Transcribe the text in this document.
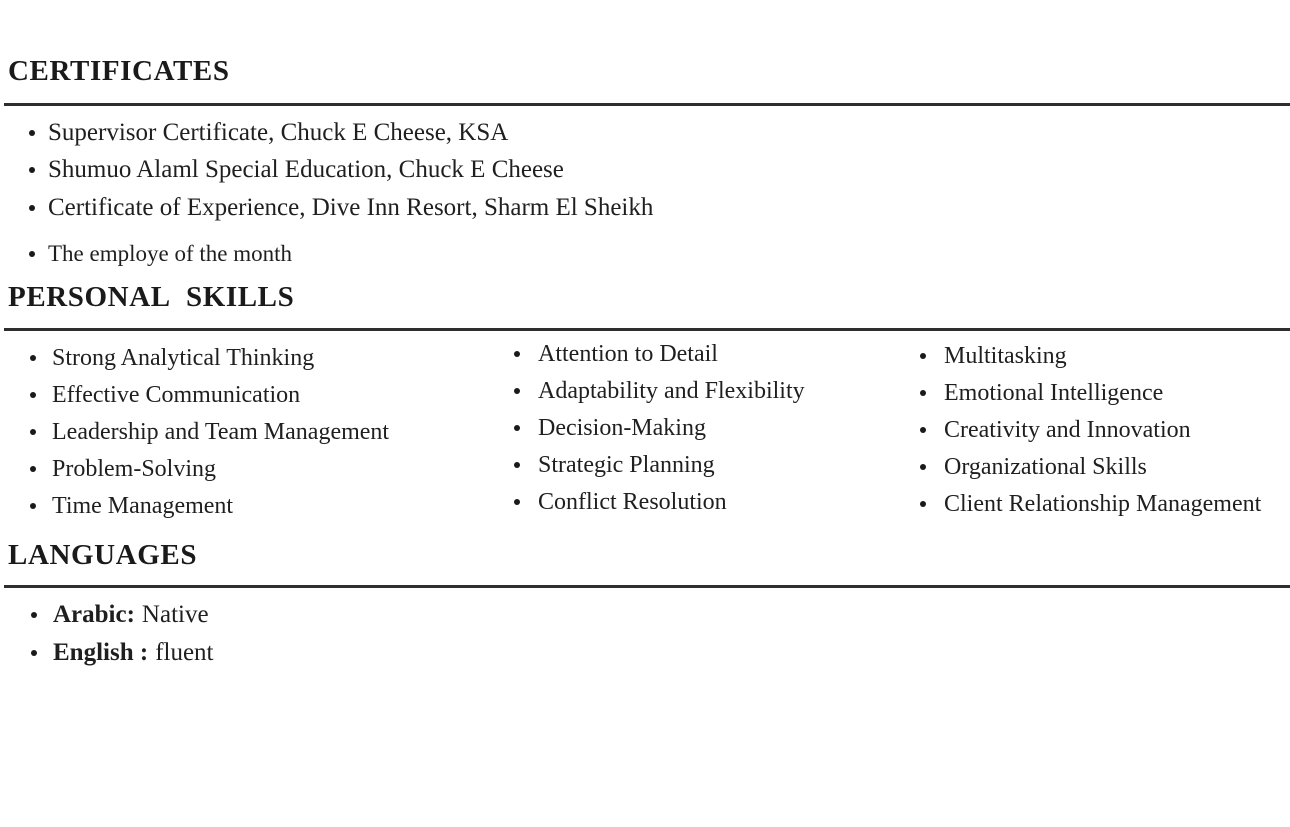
CERTIFICATES
Supervisor Certificate, Chuck E Cheese, KSA
Shumuo Alaml Special Education, Chuck E Cheese
Certificate of Experience, Dive Inn Resort, Sharm El Sheikh
The employe of the month
PERSONAL SKILLS
Strong Analytical Thinking
Effective Communication
Leadership and Team Management
Problem-Solving
Time Management
Attention to Detail
Adaptability and Flexibility
Decision-Making
Strategic Planning
Conflict Resolution
Multitasking
Emotional Intelligence
Creativity and Innovation
Organizational Skills
Client Relationship Management
LANGUAGES
Arabic: Native
English : fluent
